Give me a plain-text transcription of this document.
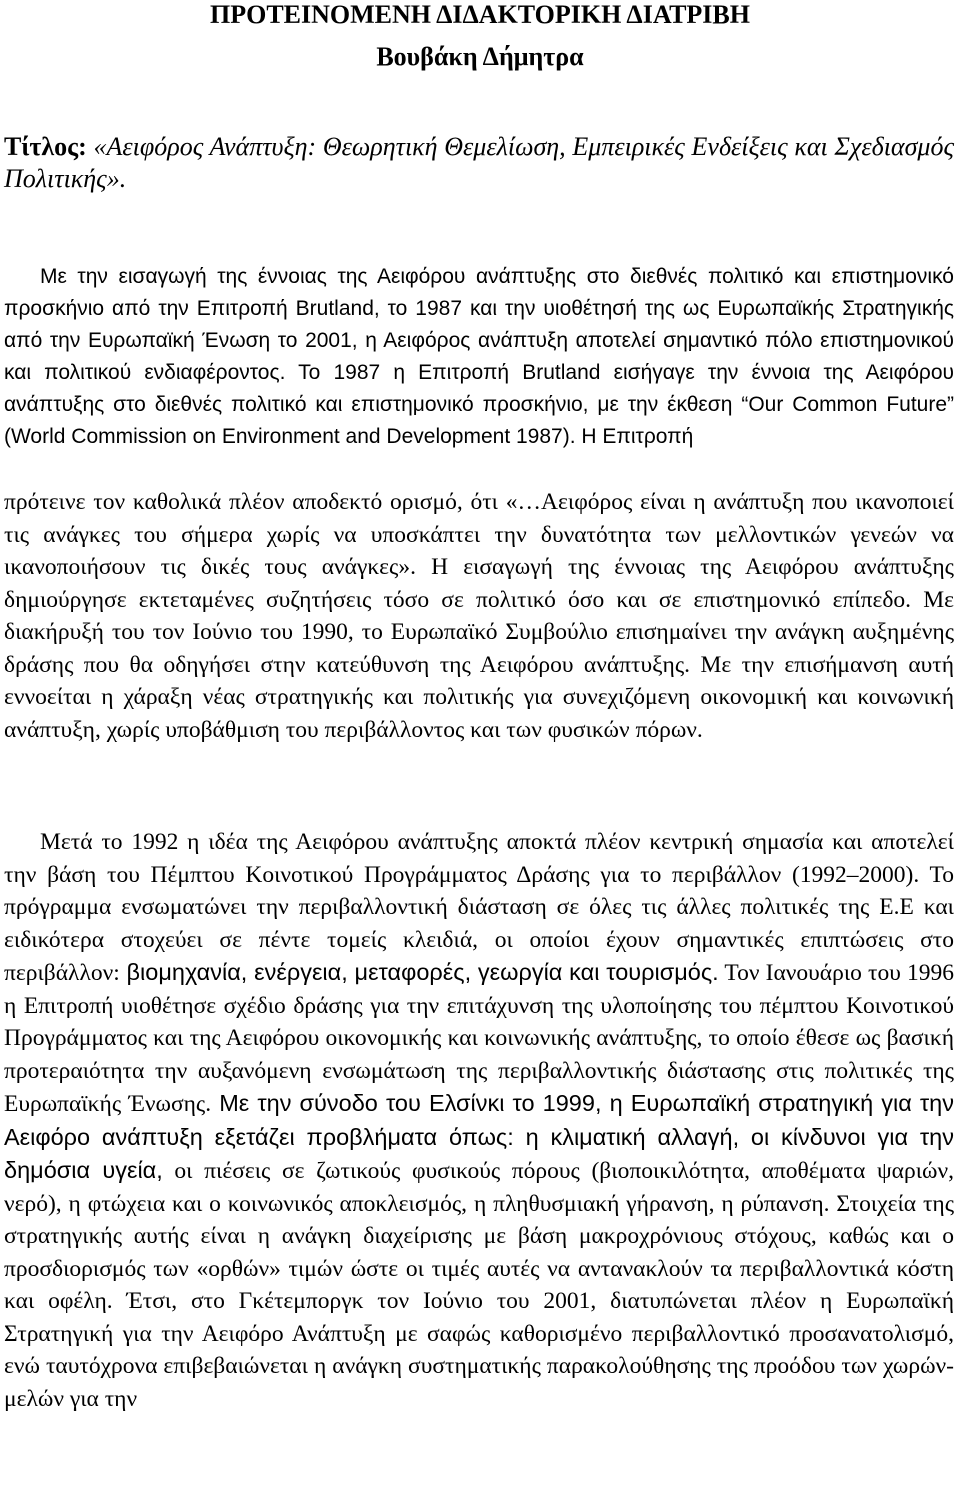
ΠΡΟΤΕΙΝΟΜΕΝΗ ΔΙΔΑΚΤΟΡΙΚΗ ΔΙΑΤΡΙΒΗ
Βουβάκη Δήμητρα

Τίτλος: «Αειφόρος Ανάπτυξη: Θεωρητική Θεμελίωση, Εμπειρικές Ενδείξεις και Σχεδιασμός Πολιτικής».

Με την εισαγωγή της έννοιας της Αειφόρου ανάπτυξης στο διεθνές πολιτικό και επιστημονικό προσκήνιο από την Επιτροπή Brutland, το 1987 και την υιοθέτησή της ως Ευρωπαϊκής Στρατηγικής από την Ευρωπαϊκή Ένωση το 2001, η Αειφόρος ανάπτυξη αποτελεί σημαντικό πόλο επιστημονικού και πολιτικού ενδιαφέροντος. Το 1987 η Επιτροπή Brutland εισήγαγε την έννοια της Αειφόρου ανάπτυξης στο διεθνές πολιτικό και επιστημονικό προσκήνιο, με την έκθεση “Our Common Future” (World Commission on Environment and Development 1987). Η Επιτροπή

πρότεινε τον καθολικά πλέον αποδεκτό ορισμό, ότι «…Αειφόρος είναι η ανάπτυξη που ικανοποιεί τις ανάγκες του σήμερα χωρίς να υποσκάπτει την δυνατότητα των μελλοντικών γενεών να ικανοποιήσουν τις δικές τους ανάγκες». Η εισαγωγή της έννοιας της Αειφόρου ανάπτυξης δημιούργησε εκτεταμένες συζητήσεις τόσο σε πολιτικό όσο και σε επιστημονικό επίπεδο. Με διακήρυξή του τον Ιούνιο του 1990, το Ευρωπαϊκό Συμβούλιο επισημαίνει την ανάγκη αυξημένης δράσης που θα οδηγήσει στην κατεύθυνση της Αειφόρου ανάπτυξης. Με την επισήμανση αυτή εννοείται η χάραξη νέας στρατηγικής και πολιτικής για συνεχιζόμενη οικονομική και κοινωνική ανάπτυξη, χωρίς υποβάθμιση του περιβάλλοντος και των φυσικών πόρων.

Μετά το 1992 η ιδέα της Αειφόρου ανάπτυξης αποκτά πλέον κεντρική σημασία και αποτελεί την βάση του Πέμπτου Κοινοτικού Προγράμματος Δράσης για το περιβάλλον (1992–2000). Το πρόγραμμα ενσωματώνει την περιβαλλοντική διάσταση σε όλες τις άλλες πολιτικές της Ε.Ε και ειδικότερα στοχεύει σε πέντε τομείς κλειδιά, οι οποίοι έχουν σημαντικές επιπτώσεις στο περιβάλλον: βιομηχανία, ενέργεια, μεταφορές, γεωργία και τουρισμός. Τον Ιανουάριο του 1996 η Επιτροπή υιοθέτησε σχέδιο δράσης για την επιτάχυνση της υλοποίησης του πέμπτου Κοινοτικού Προγράμματος και της Αειφόρου οικονομικής και κοινωνικής ανάπτυξης, το οποίο έθεσε ως βασική προτεραιότητα την αυξανόμενη ενσωμάτωση της περιβαλλοντικής διάστασης στις πολιτικές της Ευρωπαϊκής Ένωσης. Με την σύνοδο του Ελσίνκι το 1999, η Ευρωπαϊκή στρατηγική για την Αειφόρο ανάπτυξη εξετάζει προβλήματα όπως: η κλιματική αλλαγή, οι κίνδυνοι για την δημόσια υγεία, οι πιέσεις σε ζωτικούς φυσικούς πόρους (βιοποικιλότητα, αποθέματα ψαριών, νερό), η φτώχεια και ο κοινωνικός αποκλεισμός, η πληθυσμιακή γήρανση, η ρύπανση. Στοιχεία της στρατηγικής αυτής είναι η ανάγκη διαχείρισης με βάση μακροχρόνιους στόχους, καθώς και ο προσδιορισμός των «ορθών» τιμών ώστε οι τιμές αυτές να αντανακλούν τα περιβαλλοντικά κόστη και οφέλη. Έτσι, στο Γκέτεμποργκ τον Ιούνιο του 2001, διατυπώνεται πλέον η Ευρωπαϊκή Στρατηγική για την Αειφόρο Ανάπτυξη με σαφώς καθορισμένο περιβαλλοντικό προσανατολισμό, ενώ ταυτόχρονα επιβεβαιώνεται η ανάγκη συστηματικής παρακολούθησης της προόδου των χωρών-μελών για την
